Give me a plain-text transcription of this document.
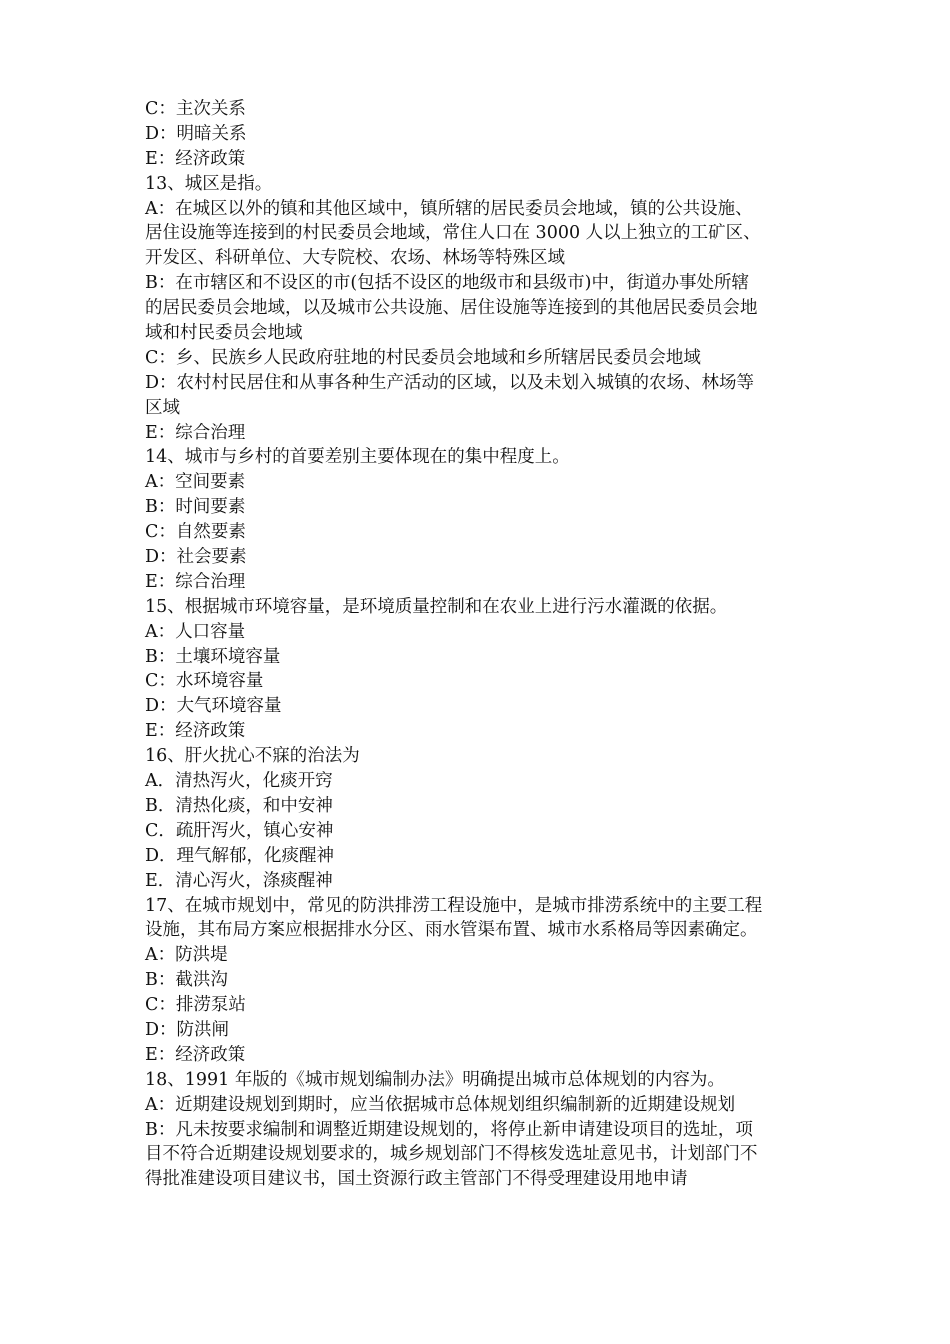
C：主次关系
D：明暗关系
E：经济政策
13、城区是指。
A：在城区以外的镇和其他区域中，镇所辖的居民委员会地域，镇的公共设施、
居住设施等连接到的村民委员会地域，常住人口在 3000 人以上独立的工矿区、
开发区、科研单位、大专院校、农场、林场等特殊区域
B：在市辖区和不设区的市(包括不设区的地级市和县级市)中，街道办事处所辖
的居民委员会地域，以及城市公共设施、居住设施等连接到的其他居民委员会地
域和村民委员会地域
C：乡、民族乡人民政府驻地的村民委员会地域和乡所辖居民委员会地域
D：农村村民居住和从事各种生产活动的区域，以及未划入城镇的农场、林场等
区域
E：综合治理
14、城市与乡村的首要差别主要体现在的集中程度上。
A：空间要素
B：时间要素
C：自然要素
D：社会要素
E：综合治理
15、根据城市环境容量，是环境质量控制和在农业上进行污水灌溉的依据。
A：人口容量
B：土壤环境容量
C：水环境容量
D：大气环境容量
E：经济政策
16、肝火扰心不寐的治法为
A．清热泻火，化痰开窍
B．清热化痰，和中安神
C．疏肝泻火，镇心安神
D．理气解郁，化痰醒神
E．清心泻火，涤痰醒神
17、在城市规划中，常见的防洪排涝工程设施中，是城市排涝系统中的主要工程
设施，其布局方案应根据排水分区、雨水管渠布置、城市水系格局等因素确定。
A：防洪堤
B：截洪沟
C：排涝泵站
D：防洪闸
E：经济政策
18、1991 年版的《城市规划编制办法》明确提出城市总体规划的内容为。
A：近期建设规划到期时，应当依据城市总体规划组织编制新的近期建设规划
B：凡未按要求编制和调整近期建设规划的，将停止新申请建设项目的选址，项
目不符合近期建设规划要求的，城乡规划部门不得核发选址意见书，计划部门不
得批准建设项目建议书，国土资源行政主管部门不得受理建设用地申请
